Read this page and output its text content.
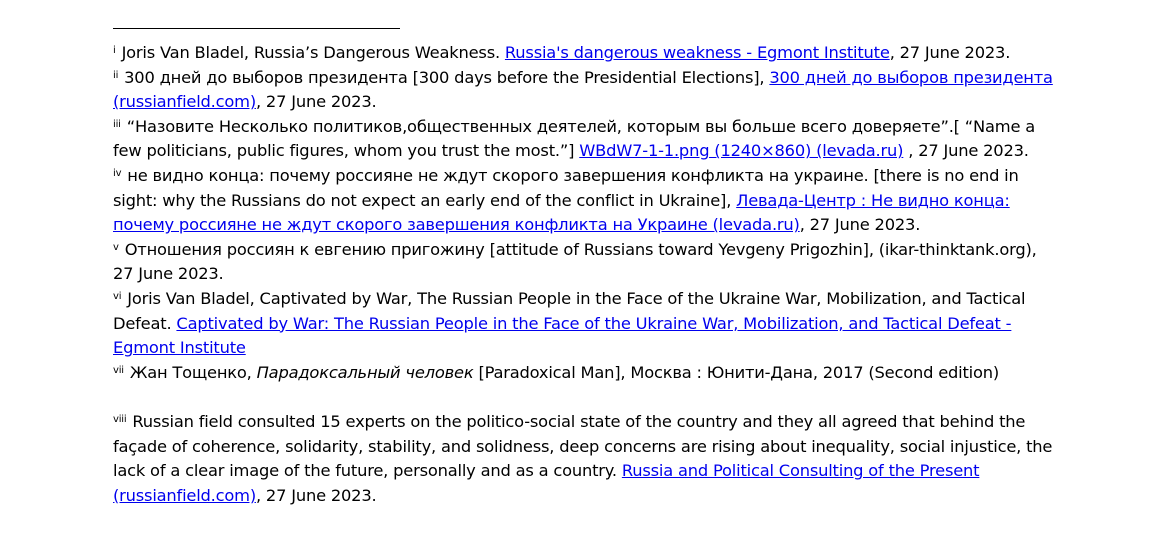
$^i$ Joris Van Bladel, Russia’s Dangerous Weakness. Russia's dangerous weakness - Egmont Institute, 27 June 2023.

$^{ii}$ 300 дней до выборов президента [300 days before the Presidential Elections], 300 дней до выборов президента (russianfield.com), 27 June 2023.

$^{iii}$ “Назовите Несколько политиков,общественных деятелей, которым вы больше всего доверяете”.[ “Name a few politicians, public figures, whom you trust the most.”] WBdW7-1-1.png (1240×860) (levada.ru) , 27 June 2023.

$^{iv}$ не видно конца: почему россияне не ждут скорого завершения конфликта на украине. [there is no end in sight: why the Russians do not expect an early end of the conflict in Ukraine], Левада-Центр : Не видно конца: почему россияне не ждут скорого завершения конфликта на Украине (levada.ru), 27 June 2023.

$^v$ Отношения россиян к евгению пригожину [attitude of Russians toward Yevgeny Prigozhin], (ikar-thinktank.org), 27 June 2023.

$^{vi}$ Joris Van Bladel, Captivated by War, The Russian People in the Face of the Ukraine War, Mobilization, and Tactical Defeat. Captivated by War: The Russian People in the Face of the Ukraine War, Mobilization, and Tactical Defeat - Egmont Institute

$^{vii}$ Жан Тощенко, Парадоксальный человек [Paradoxical Man], Москва : Юнити-Дана, 2017 (Second edition)

$^{viii}$ Russian field consulted 15 experts on the politico-social state of the country and they all agreed that behind the façade of coherence, solidarity, stability, and solidness, deep concerns are rising about inequality, social injustice, the lack of a clear image of the future, personally and as a country. Russia and Political Consulting of the Present (russianfield.com), 27 June 2023.
